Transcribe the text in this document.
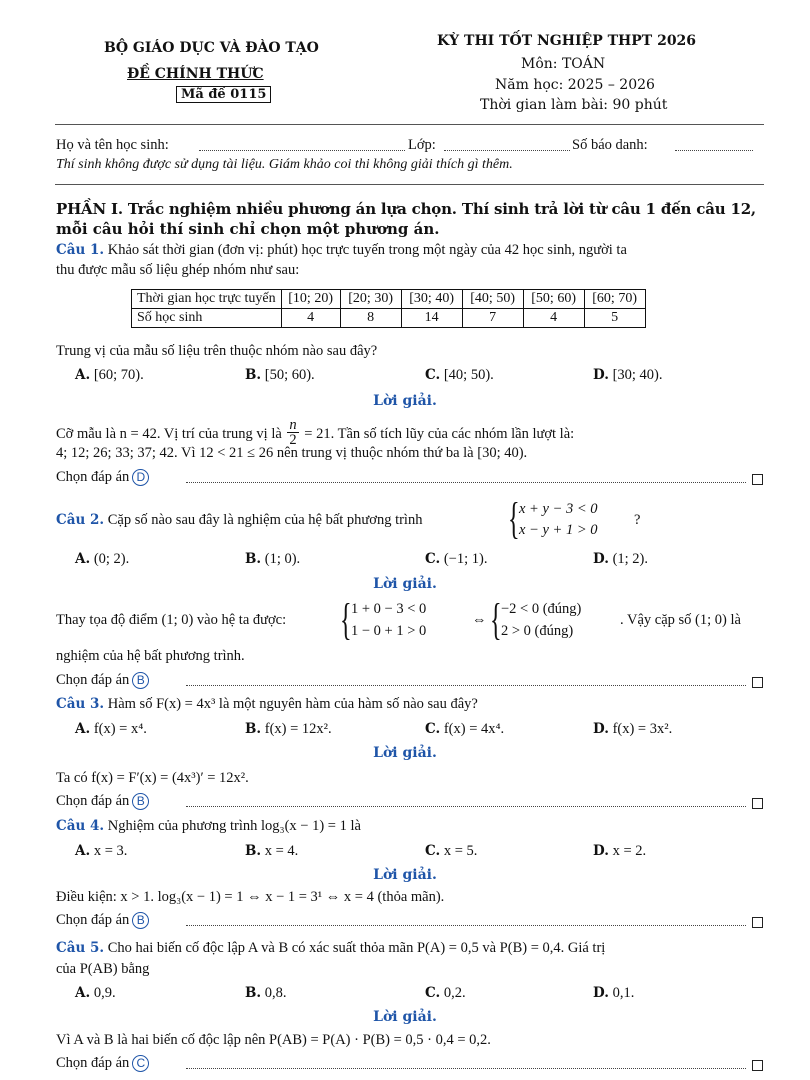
BỘ GIÁO DỤC VÀ ĐÀO TẠO
ĐỀ CHÍNH THỨC
Mã đề 0115
KỲ THI TỐT NGHIỆP THPT 2026
Môn: TOÁN
Năm học: 2025 – 2026
Thời gian làm bài: 90 phút
Họ và tên học sinh:	Lớp:	Số báo danh:
Thí sinh không được sử dụng tài liệu. Giám khảo coi thi không giải thích gì thêm.
PHẦN I. Trắc nghiệm nhiều phương án lựa chọn. Thí sinh trả lời từ câu 1 đến câu 12,
mỗi câu hỏi thí sinh chỉ chọn một phương án.
Câu 1. Khảo sát thời gian (đơn vị: phút) học trực tuyến trong một ngày của 42 học sinh, người ta
thu được mẫu số liệu ghép nhóm như sau:
Thời gian học trực tuyến	[10; 20)	[20; 30)	[30; 40)	[40; 50)	[50; 60)	[60; 70)
Số học sinh	4	8	14	7	4	5
Trung vị của mẫu số liệu trên thuộc nhóm nào sau đây?
A. [60; 70).	B. [50; 60).	C. [40; 50).	D. [30; 40).
Lời giải.
Cỡ mẫu là n = 42. Vị trí của trung vị là $\frac{n}{2} = 21$. Tần số tích lũy của các nhóm lần lượt là:
4; 12; 26; 33; 37; 42. Vì 12 < 21 ≤ 26 nên trung vị thuộc nhóm thứ ba là [30; 40).
Chọn đáp án D
Câu 2. Cặp số nào sau đây là nghiệm của hệ bất phương trình { x + y − 3 < 0
x − y + 1 > 0
?
A. (0; 2).	B. (1; 0).	C. (−1; 1).	D. (1; 2).
Lời giải.
Thay tọa độ điểm (1; 0) vào hệ ta được: { 1 + 0 − 3 < 0
1 − 0 + 1 > 0
⇔ { −2 < 0 (đúng)
2 > 0 (đúng)
. Vậy cặp số (1; 0) là
nghiệm của hệ bất phương trình.
Chọn đáp án B
Câu 3. Hàm số F(x) = 4x³ là một nguyên hàm của hàm số nào sau đây?
A. f(x) = x⁴.	B. f(x) = 12x².	C. f(x) = 4x⁴.	D. f(x) = 3x².
Lời giải.
Ta có f(x) = F′(x) = (4x³)′ = 12x².
Chọn đáp án B
Câu 4. Nghiệm của phương trình log₃(x − 1) = 1 là
A. x = 3.	B. x = 4.	C. x = 5.	D. x = 2.
Lời giải.
Điều kiện: x > 1. log₃(x − 1) = 1 ⇔ x − 1 = 3¹ ⇔ x = 4 (thỏa mãn).
Chọn đáp án B
Câu 5. Cho hai biến cố độc lập A và B có xác suất thỏa mãn P(A) = 0,5 và P(B) = 0,4. Giá trị
của P(AB) bằng
A. 0,9.	B. 0,8.	C. 0,2.	D. 0,1.
Lời giải.
Vì A và B là hai biến cố độc lập nên P(AB) = P(A) · P(B) = 0,5 · 0,4 = 0,2.
Chọn đáp án C
